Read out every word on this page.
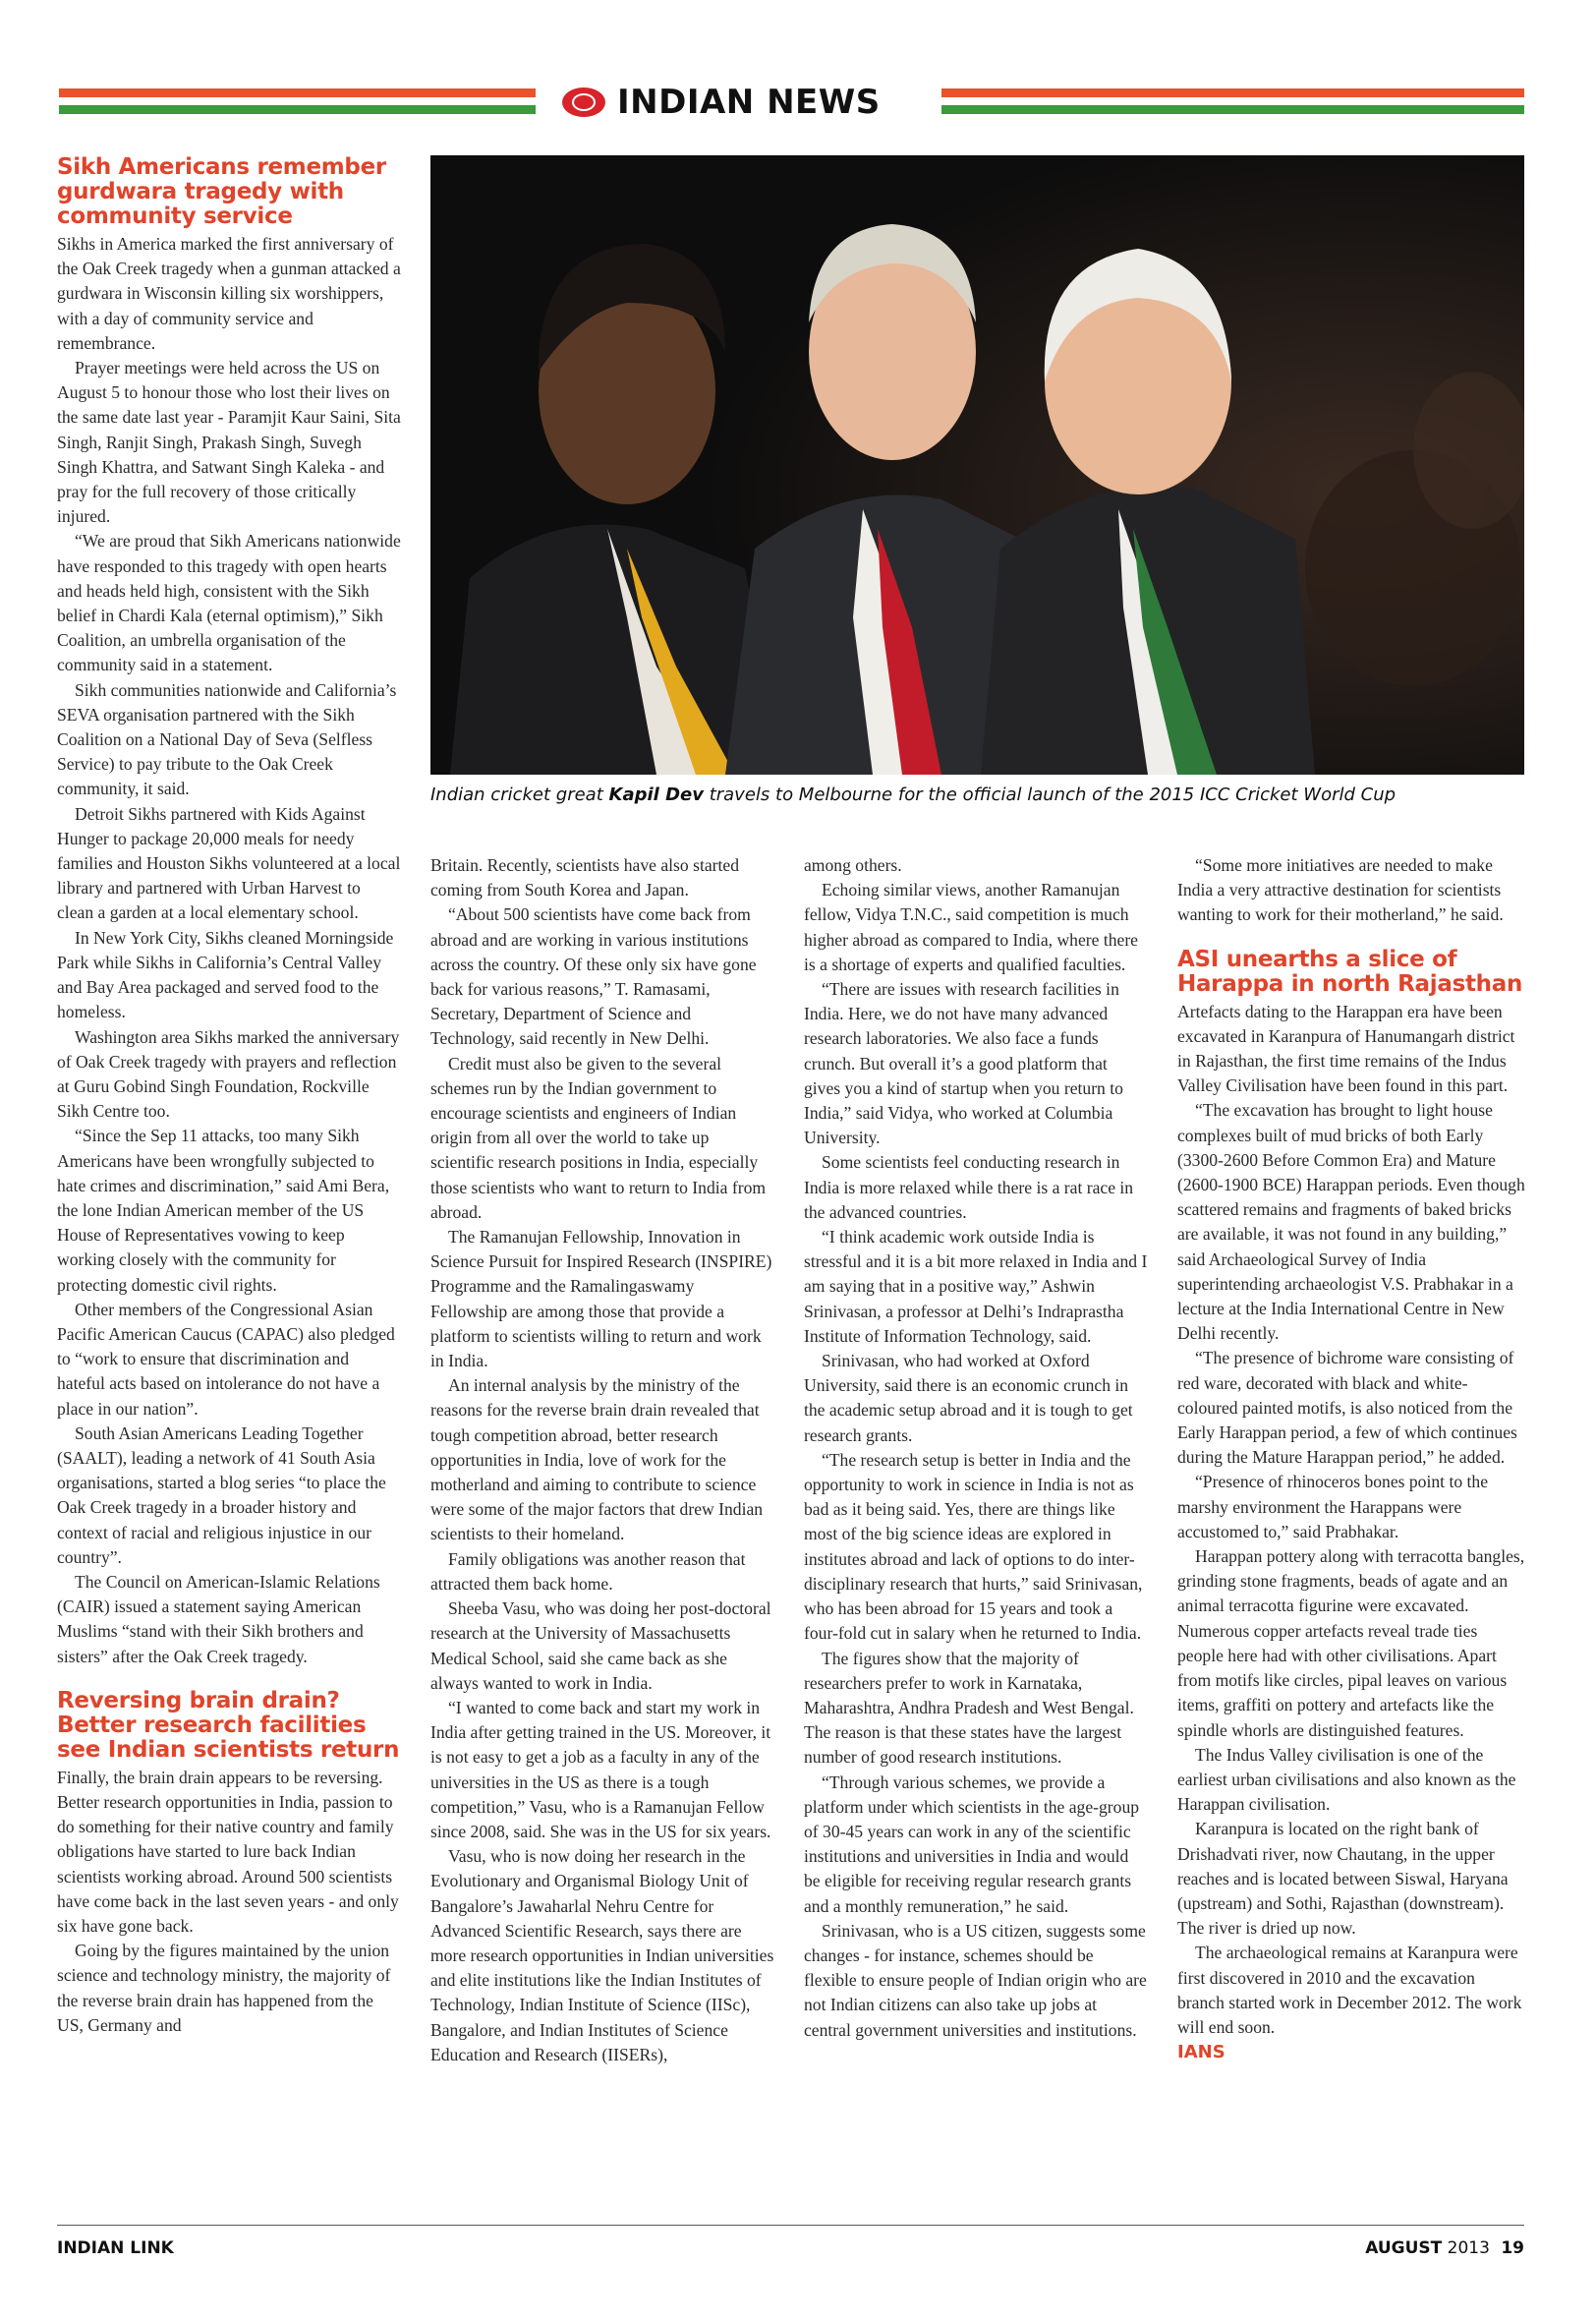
INDIAN NEWS
Indian cricket great Kapil Dev travels to Melbourne for the official launch of the 2015 ICC Cricket World Cup
Sikh Americans remember gurdwara tragedy with community service

Sikhs in America marked the first anniversary of the Oak Creek tragedy when a gunman attacked a gurdwara in Wisconsin killing six worshippers, with a day of community service and remembrance.

Prayer meetings were held across the US on August 5 to honour those who lost their lives on the same date last year - Paramjit Kaur Saini, Sita Singh, Ranjit Singh, Prakash Singh, Suvegh Singh Khattra, and Satwant Singh Kaleka - and pray for the full recovery of those critically injured.

“We are proud that Sikh Americans nationwide have responded to this tragedy with open hearts and heads held high, consistent with the Sikh belief in Chardi Kala (eternal optimism),” Sikh Coalition, an umbrella organisation of the community said in a statement.

Sikh communities nationwide and California’s SEVA organisation partnered with the Sikh Coalition on a National Day of Seva (Selfless Service) to pay tribute to the Oak Creek community, it said.

Detroit Sikhs partnered with Kids Against Hunger to package 20,000 meals for needy families and Houston Sikhs volunteered at a local library and partnered with Urban Harvest to clean a garden at a local elementary school.

In New York City, Sikhs cleaned Morningside Park while Sikhs in California’s Central Valley and Bay Area packaged and served food to the homeless.

Washington area Sikhs marked the anniversary of Oak Creek tragedy with prayers and reflection at Guru Gobind Singh Foundation, Rockville Sikh Centre too.

“Since the Sep 11 attacks, too many Sikh Americans have been wrongfully subjected to hate crimes and discrimination,” said Ami Bera, the lone Indian American member of the US House of Representatives vowing to keep working closely with the community for protecting domestic civil rights.

Other members of the Congressional Asian Pacific American Caucus (CAPAC) also pledged to “work to ensure that discrimination and hateful acts based on intolerance do not have a place in our nation”.

South Asian Americans Leading Together (SAALT), leading a network of 41 South Asia organisations, started a blog series “to place the Oak Creek tragedy in a broader history and context of racial and religious injustice in our country”.

The Council on American-Islamic Relations (CAIR) issued a statement saying American Muslims “stand with their Sikh brothers and sisters” after the Oak Creek tragedy.

Reversing brain drain? Better research facilities see Indian scientists return

Finally, the brain drain appears to be reversing. Better research opportunities in India, passion to do something for their native country and family obligations have started to lure back Indian scientists working abroad. Around 500 scientists have come back in the last seven years - and only six have gone back.

Going by the figures maintained by the union science and technology ministry, the majority of the reverse brain drain has happened from the US, Germany and

Britain. Recently, scientists have also started coming from South Korea and Japan.

“About 500 scientists have come back from abroad and are working in various institutions across the country. Of these only six have gone back for various reasons,” T. Ramasami, Secretary, Department of Science and Technology, said recently in New Delhi.

Credit must also be given to the several schemes run by the Indian government to encourage scientists and engineers of Indian origin from all over the world to take up scientific research positions in India, especially those scientists who want to return to India from abroad.

The Ramanujan Fellowship, Innovation in Science Pursuit for Inspired Research (INSPIRE) Programme and the Ramalingaswamy Fellowship are among those that provide a platform to scientists willing to return and work in India.

An internal analysis by the ministry of the reasons for the reverse brain drain revealed that tough competition abroad, better research opportunities in India, love of work for the motherland and aiming to contribute to science were some of the major factors that drew Indian scientists to their homeland.

Family obligations was another reason that attracted them back home.

Sheeba Vasu, who was doing her post-doctoral research at the University of Massachusetts Medical School, said she came back as she always wanted to work in India.

“I wanted to come back and start my work in India after getting trained in the US. Moreover, it is not easy to get a job as a faculty in any of the universities in the US as there is a tough competition,” Vasu, who is a Ramanujan Fellow since 2008, said. She was in the US for six years.

Vasu, who is now doing her research in the Evolutionary and Organismal Biology Unit of Bangalore’s Jawaharlal Nehru Centre for Advanced Scientific Research, says there are more research opportunities in Indian universities and elite institutions like the Indian Institutes of Technology, Indian Institute of Science (IISc), Bangalore, and Indian Institutes of Science Education and Research (IISERs),

among others.

Echoing similar views, another Ramanujan fellow, Vidya T.N.C., said competition is much higher abroad as compared to India, where there is a shortage of experts and qualified faculties.

“There are issues with research facilities in India. Here, we do not have many advanced research laboratories. We also face a funds crunch. But overall it’s a good platform that gives you a kind of startup when you return to India,” said Vidya, who worked at Columbia University.

Some scientists feel conducting research in India is more relaxed while there is a rat race in the advanced countries.

“I think academic work outside India is stressful and it is a bit more relaxed in India and I am saying that in a positive way,” Ashwin Srinivasan, a professor at Delhi’s Indraprastha Institute of Information Technology, said.

Srinivasan, who had worked at Oxford University, said there is an economic crunch in the academic setup abroad and it is tough to get research grants.

“The research setup is better in India and the opportunity to work in science in India is not as bad as it being said. Yes, there are things like most of the big science ideas are explored in institutes abroad and lack of options to do inter-disciplinary research that hurts,” said Srinivasan, who has been abroad for 15 years and took a four-fold cut in salary when he returned to India.

The figures show that the majority of researchers prefer to work in Karnataka, Maharashtra, Andhra Pradesh and West Bengal. The reason is that these states have the largest number of good research institutions.

“Through various schemes, we provide a platform under which scientists in the age-group of 30-45 years can work in any of the scientific institutions and universities in India and would be eligible for receiving regular research grants and a monthly remuneration,” he said.

Srinivasan, who is a US citizen, suggests some changes - for instance, schemes should be flexible to ensure people of Indian origin who are not Indian citizens can also take up jobs at central government universities and institutions.

“Some more initiatives are needed to make India a very attractive destination for scientists wanting to work for their motherland,” he said.

ASI unearths a slice of Harappa in north Rajasthan

Artefacts dating to the Harappan era have been excavated in Karanpura of Hanumangarh district in Rajasthan, the first time remains of the Indus Valley Civilisation have been found in this part.

“The excavation has brought to light house complexes built of mud bricks of both Early (3300-2600 Before Common Era) and Mature (2600-1900 BCE) Harappan periods. Even though scattered remains and fragments of baked bricks are available, it was not found in any building,” said Archaeological Survey of India superintending archaeologist V.S. Prabhakar in a lecture at the India International Centre in New Delhi recently.

“The presence of bichrome ware consisting of red ware, decorated with black and white-coloured painted motifs, is also noticed from the Early Harappan period, a few of which continues during the Mature Harappan period,” he added.

“Presence of rhinoceros bones point to the marshy environment the Harappans were accustomed to,” said Prabhakar.

Harappan pottery along with terracotta bangles, grinding stone fragments, beads of agate and an animal terracotta figurine were excavated. Numerous copper artefacts reveal trade ties people here had with other civilisations. Apart from motifs like circles, pipal leaves on various items, graffiti on pottery and artefacts like the spindle whorls are distinguished features.

The Indus Valley civilisation is one of the earliest urban civilisations and also known as the Harappan civilisation.

Karanpura is located on the right bank of Drishadvati river, now Chautang, in the upper reaches and is located between Siswal, Haryana (upstream) and Sothi, Rajasthan (downstream). The river is dried up now.

The archaeological remains at Karanpura were first discovered in 2010 and the excavation branch started work in December 2012. The work will end soon.

IANS
INDIAN LINK	AUGUST 2013 19
